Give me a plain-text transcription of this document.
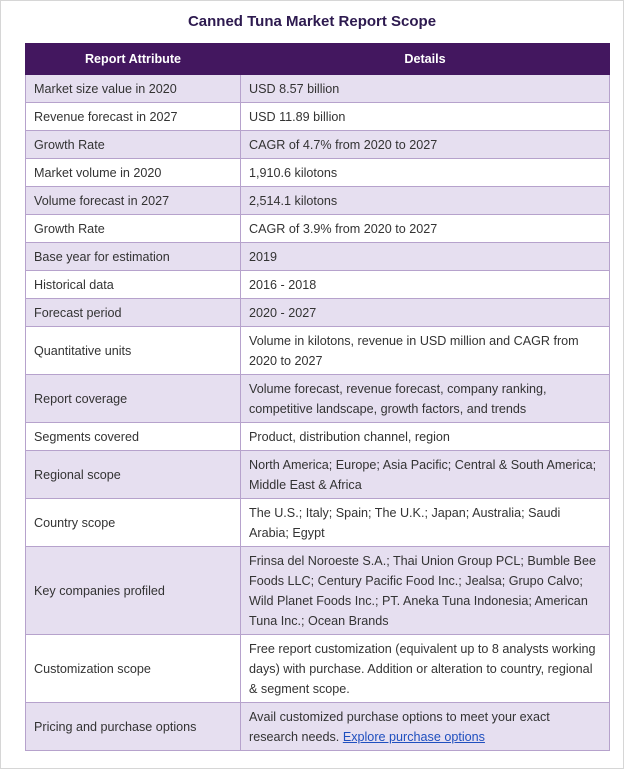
Canned Tuna Market Report Scope
Report Attribute	Details
Market size value in 2020	USD 8.57 billion
Revenue forecast in 2027	USD 11.89 billion
Growth Rate	CAGR of 4.7% from 2020 to 2027
Market volume in 2020	1,910.6 kilotons
Volume forecast in 2027	2,514.1 kilotons
Growth Rate	CAGR of 3.9% from 2020 to 2027
Base year for estimation	2019
Historical data	2016 - 2018
Forecast period	2020 - 2027
Quantitative units	Volume in kilotons, revenue in USD million and CAGR from 2020 to 2027
Report coverage	Volume forecast, revenue forecast, company ranking, competitive landscape, growth factors, and trends
Segments covered	Product, distribution channel, region
Regional scope	North America; Europe; Asia Pacific; Central & South America; Middle East & Africa
Country scope	The U.S.; Italy; Spain; The U.K.; Japan; Australia; Saudi Arabia; Egypt
Key companies profiled	Frinsa del Noroeste S.A.; Thai Union Group PCL; Bumble Bee Foods LLC; Century Pacific Food Inc.; Jealsa; Grupo Calvo; Wild Planet Foods Inc.; PT. Aneka Tuna Indonesia; American Tuna Inc.; Ocean Brands
Customization scope	Free report customization (equivalent up to 8 analysts working days) with purchase. Addition or alteration to country, regional & segment scope.
Pricing and purchase options	Avail customized purchase options to meet your exact research needs. Explore purchase options
